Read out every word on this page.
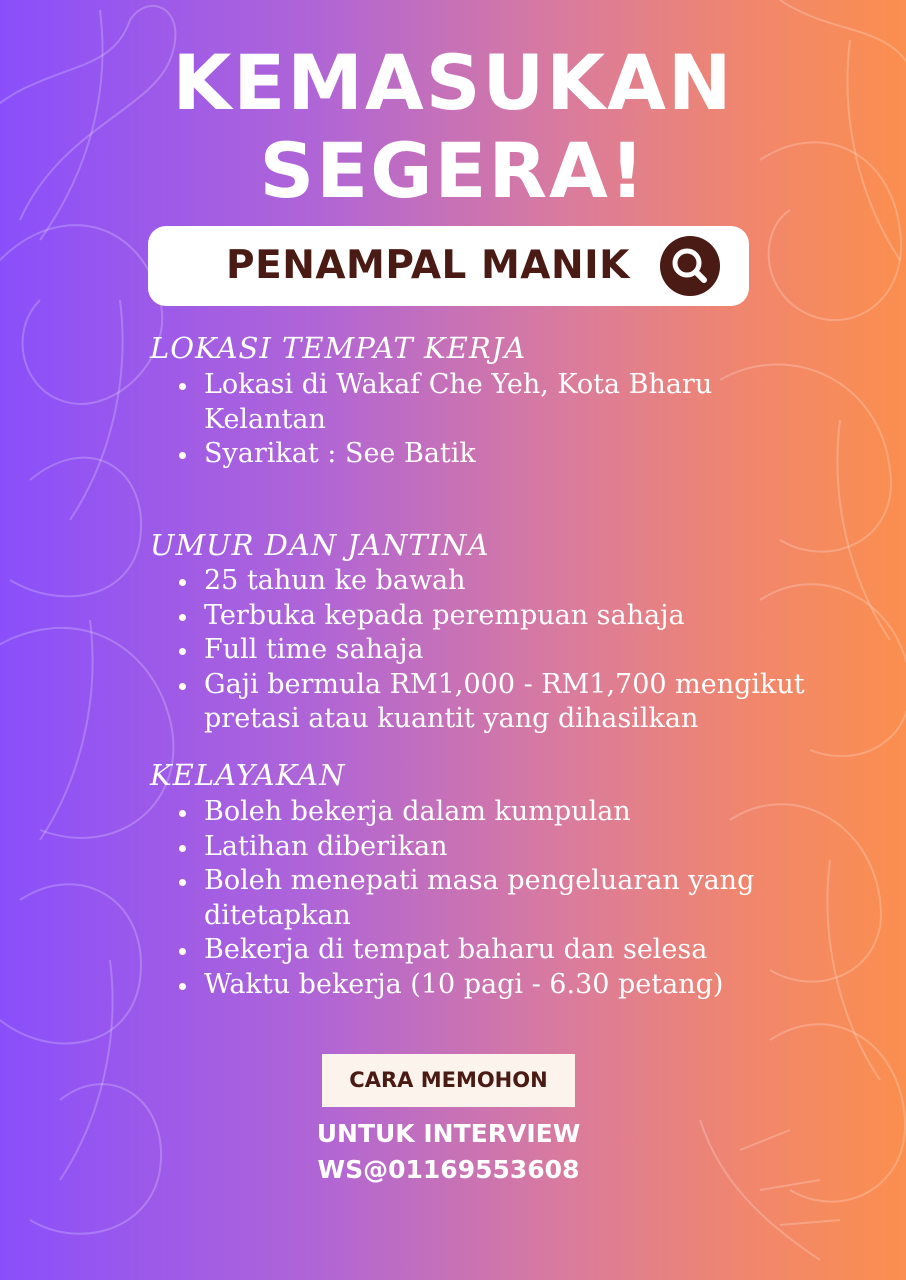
KEMASUKAN
SEGERA!
PENAMPAL MANIK
LOKASI TEMPAT KERJA
Lokasi di Wakaf Che Yeh, Kota Bharu Kelantan
Syarikat : See Batik
UMUR DAN JANTINA
25 tahun ke bawah
Terbuka kepada perempuan sahaja
Full time sahaja
Gaji bermula RM1,000 - RM1,700 mengikut pretasi atau kuantit yang dihasilkan
KELAYAKAN
Boleh bekerja dalam kumpulan
Latihan diberikan
Boleh menepati masa pengeluaran yang ditetapkan
Bekerja di tempat baharu dan selesa
Waktu bekerja (10 pagi - 6.30 petang)
CARA MEMOHON
UNTUK INTERVIEW
WS@01169553608
